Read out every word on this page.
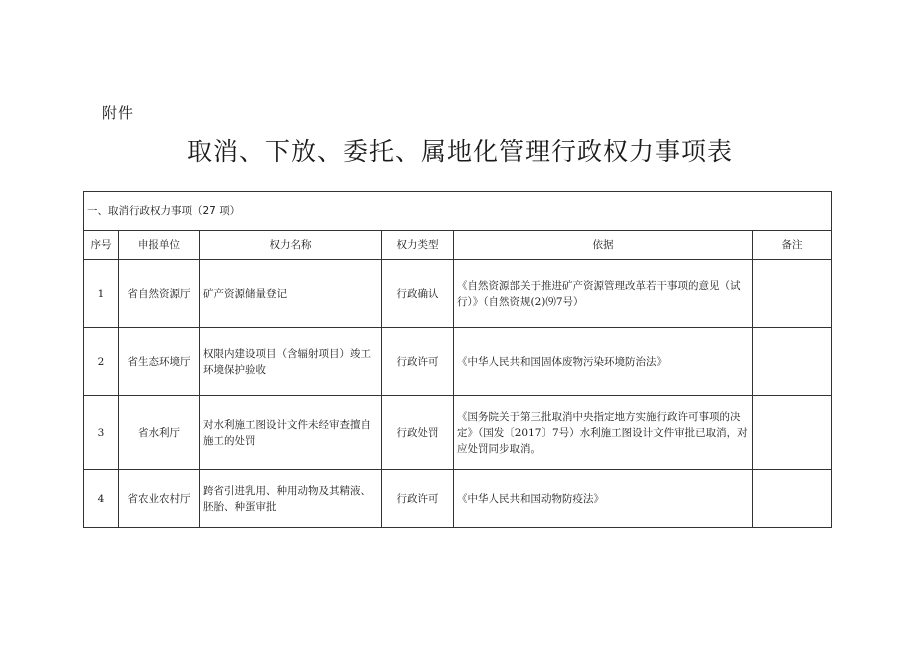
附件
取消、下放、委托、属地化管理行政权力事项表
一、取消行政权力事项（27 项）					
序号	申报单位	权力名称	权力类型	依据	备注
1	省自然资源厅	矿产资源储量登记	行政确认	《自然资源部关于推进矿产资源管理改革若干事项的意见（试行）》（自然资规(2)⑼7号）	
2	省生态环境厅	权限内建设项目（含辐射项目）竣工环境保护验收	行政许可	《中华人民共和国固体废物污染环境防治法》	
3	省水利厅	对水利施工图设计文件未经审查擅自施工的处罚	行政处罚	《国务院关于第三批取消中央指定地方实施行政许可事项的决定》（国发〔2017〕7号）水利施工图设计文件审批已取消，对应处罚同步取消。	
4	省农业农村厅	跨省引进乳用、种用动物及其精液、胚胎、种蛋审批	行政许可	《中华人民共和国动物防疫法》	
